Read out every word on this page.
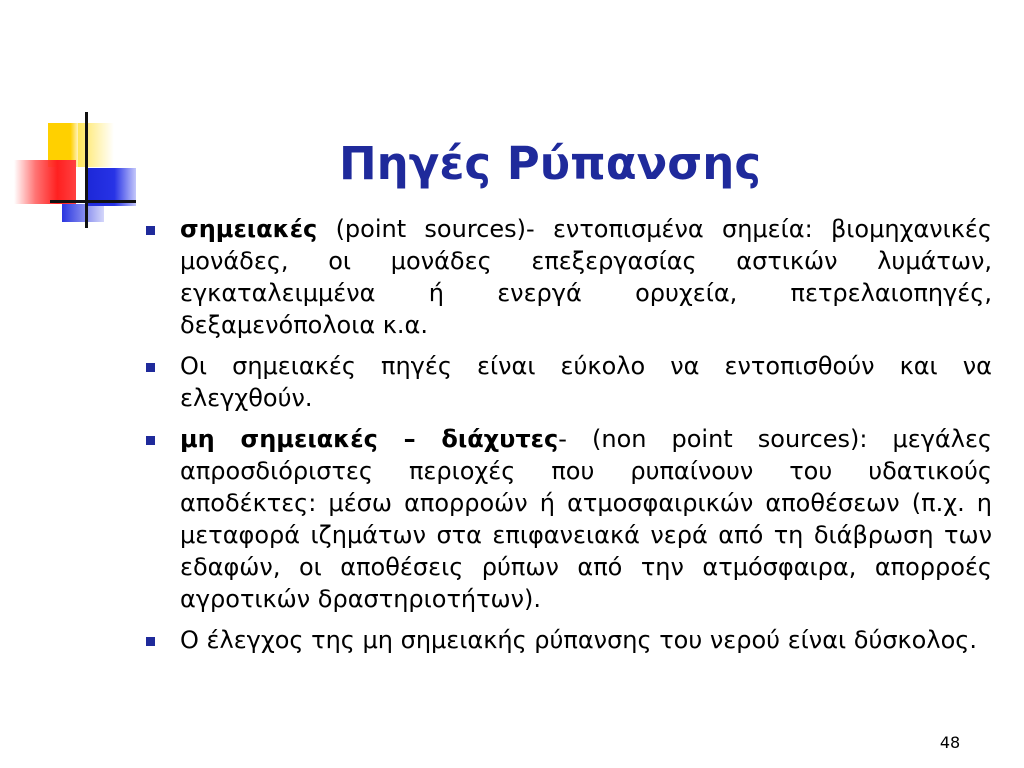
Πηγές Ρύπανσης
σημειακές (point sources)- εντοπισμένα σημεία: βιομηχανικές μονάδες, οι μονάδες επεξεργασίας αστικών λυμάτων, εγκαταλειμμένα ή ενεργά ορυχεία, πετρελαιοπηγές, δεξαμενόπολοια κ.α.
Οι σημειακές πηγές είναι εύκολο να εντοπισθούν και να ελεγχθούν.
μη σημειακές – διάχυτες- (non point sources): μεγάλες απροσδιόριστες περιοχές που ρυπαίνουν του υδατικούς αποδέκτες: μέσω απορροών ή ατμοσφαιρικών αποθέσεων (π.χ. η μεταφορά ιζημάτων στα επιφανειακά νερά από τη διάβρωση των εδαφών, οι αποθέσεις ρύπων από την ατμόσφαιρα, απορροές αγροτικών δραστηριοτήτων).
Ο έλεγχος της μη σημειακής ρύπανσης του νερού είναι δύσκολος.
48
